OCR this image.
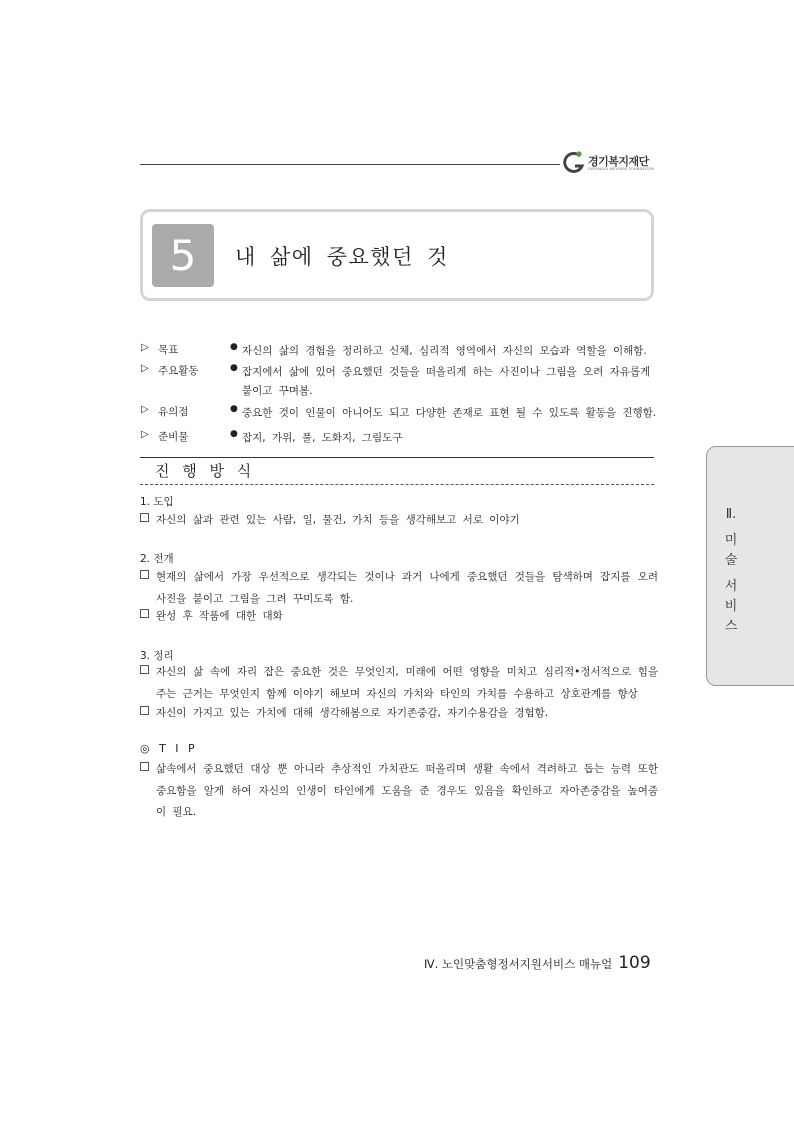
경기복지재단
GYEONGGI WELFARE FOUNDATION
5	내 삶에 중요했던 것
▷ 목표	● 자신의 삶의 경험을 정리하고 신체, 심리적 영역에서 자신의 모습과 역할을 이해함.
▷ 주요활동	● 잡지에서 삶에 있어 중요했던 것들을 떠올리게 하는 사진이나 그림을 오려 자유롭게 붙이고 꾸며봄.
▷ 유의점	● 중요한 것이 인물이 아니어도 되고 다양한 존재로 표현 될 수 있도록 활동을 진행함.
▷ 준비물	● 잡지, 가위, 풀, 도화지, 그림도구
진 행 방 식
1. 도입
자신의 삶과 관련 있는 사람, 일, 물건, 가치 등을 생각해보고 서로 이야기
2. 전개
현재의 삶에서 가장 우선적으로 생각되는 것이나 과거 나에게 중요했던 것들을 탐색하며 잡지를 오려 사진을 붙이고 그림을 그려 꾸미도록 함.
완성 후 작품에 대한 대화
3. 정리
자신의 삶 속에 자리 잡은 중요한 것은 무엇인지, 미래에 어떤 영향을 미치고 심리적•정서적으로 힘을 주는 근거는 무엇인지 함께 이야기 해보며 자신의 가치와 타인의 가치를 수용하고 상호관계를 향상
자신이 가지고 있는 가치에 대해 생각해봄으로 자기존중감, 자기수용감을 경험함.
◎ T I P
삶속에서 중요했던 대상 뿐 아니라 추상적인 가치관도 떠올리며 생활 속에서 격려하고 돕는 능력 또한 중요함을 알게 하여 자신의 인생이 타인에게 도움을 준 경우도 있음을 확인하고 자아존중감을 높여줌이 필요.
Ⅱ.
미
술
서
비
스
Ⅳ. 노인맞춤형정서지원서비스 매뉴얼 109
